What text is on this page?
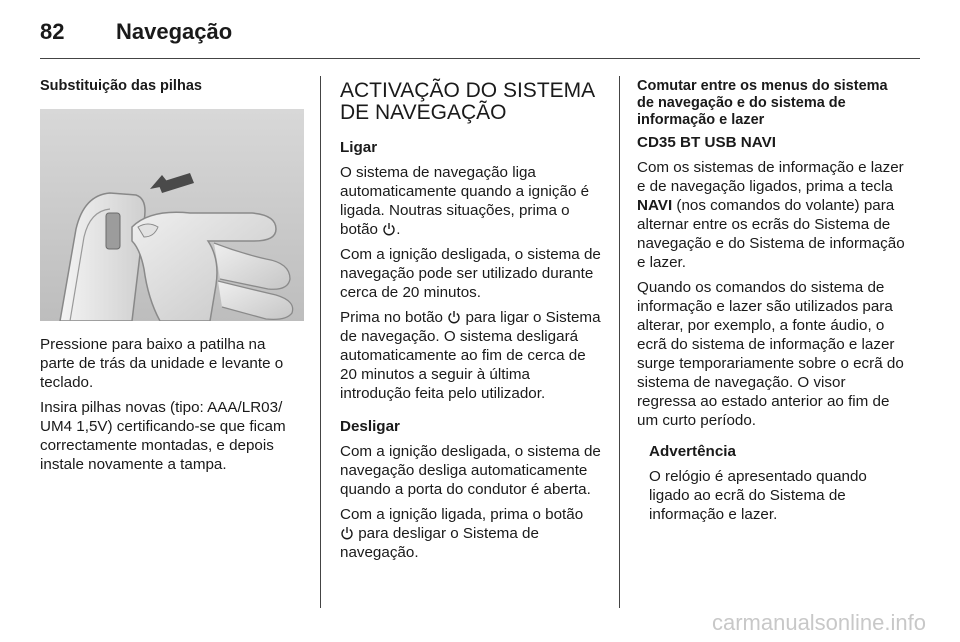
82	Navegação

Substituição das pilhas

Pressione para baixo a patilha na parte de trás da unidade e levante o teclado.

Insira pilhas novas (tipo: AAA/LR03/ UM4 1,5V) certificando-se que ficam correctamente montadas, e depois instale novamente a tampa.

ACTIVAÇÃO DO SISTEMA DE NAVEGAÇÃO

Ligar

O sistema de navegação liga automaticamente quando a ignição é ligada. Noutras situações, prima o botão .

Com a ignição desligada, o sistema de navegação pode ser utilizado durante cerca de 20 minutos.

Prima no botão para ligar o Sistema de navegação. O sistema desligará automaticamente ao fim de cerca de 20 minutos a seguir à última introdução feita pelo utilizador.

Desligar

Com a ignição desligada, o sistema de navegação desliga automaticamente quando a porta do condutor é aberta.

Com a ignição ligada, prima o botão
para desligar o Sistema de navegação.

Comutar entre os menus do sistema de navegação e do sistema de informação e lazer

CD35 BT USB NAVI

Com os sistemas de informação e lazer e de navegação ligados, prima a tecla NAVI (nos comandos do volante) para alternar entre os ecrãs do Sistema de navegação e do Sistema de informação e lazer.

Quando os comandos do sistema de informação e lazer são utilizados para alterar, por exemplo, a fonte áudio, o ecrã do sistema de informação e lazer surge temporariamente sobre o ecrã do sistema de navegação. O visor regressa ao estado anterior ao fim de um curto período.

Advertência

O relógio é apresentado quando ligado ao ecrã do Sistema de informação e lazer.

carmanualsonline.info
